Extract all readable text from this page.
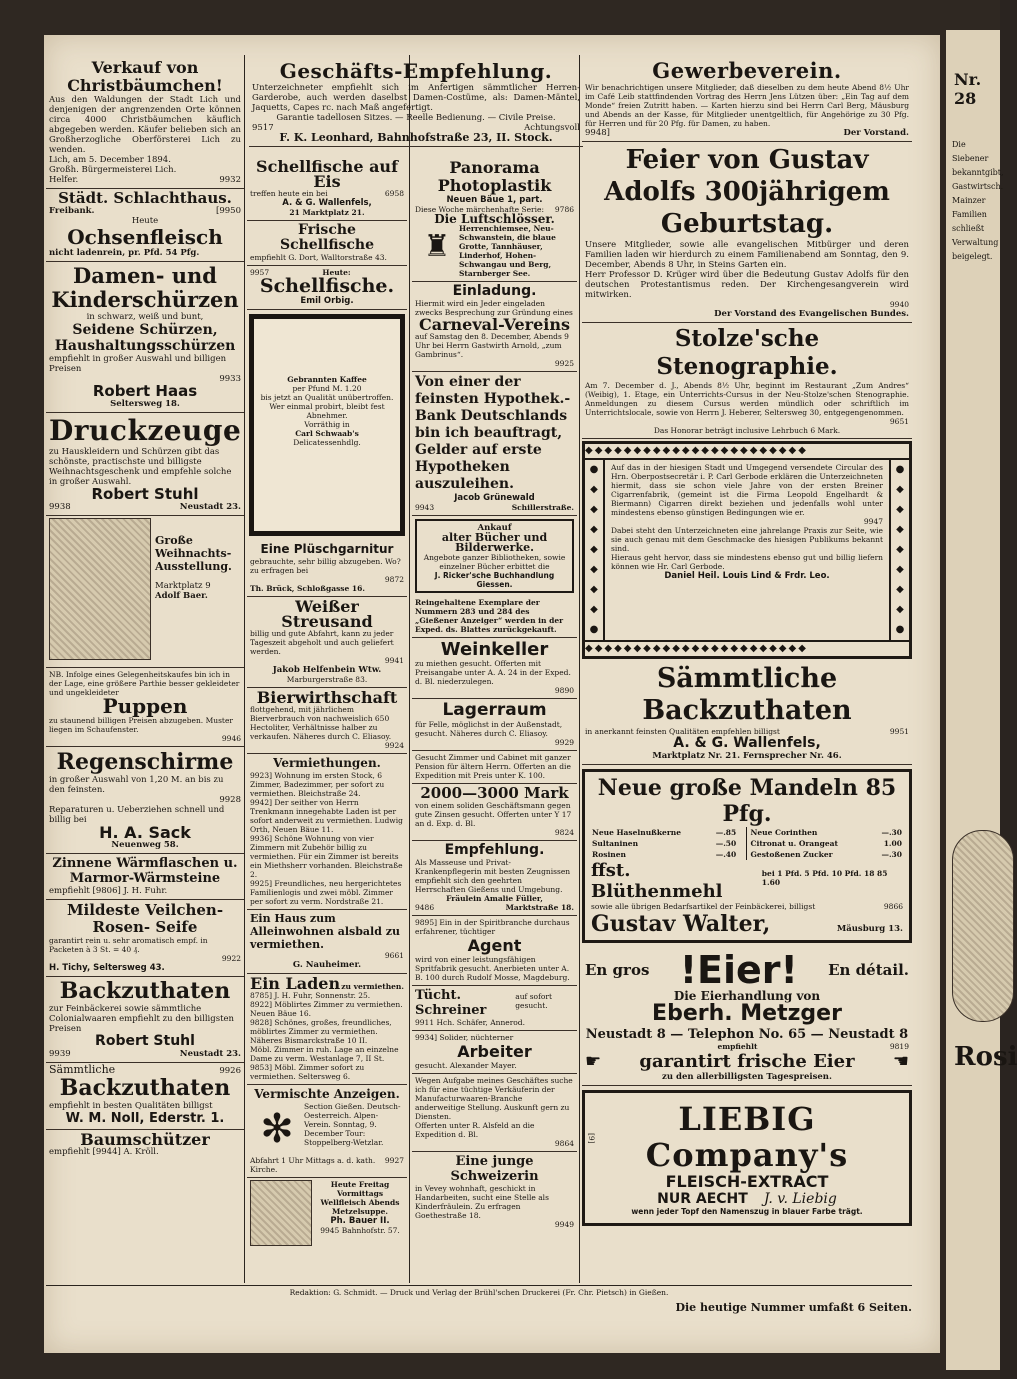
Verkauf von Christbäumchen!
Aus den Waldungen der Stadt Lich und denjenigen der angrenzenden Orte können circa 4000 Christbäumchen käuflich abgegeben werden. Käufer belieben sich an Großherzogliche Oberförsterei Lich zu wenden.
Lich, am 5. December 1894.
Großh. Bürgermeisterei Lich.
Helfer.	9932
Städt. Schlachthaus.
Freibank.	[9950
Heute
Ochsenfleisch
nicht ladenrein, pr. Pfd. 54 Pfg.
Damen- und Kinderschürzen
in schwarz, weiß und bunt,
Seidene Schürzen, Haushaltungsschürzen
empfiehlt in großer Auswahl und billigen Preisen
9933
Robert Haas
Seltersweg 18.
Druckzeuge
zu Hauskleidern und Schürzen gibt das schönste, practischste und billigste Weihnachtsgeschenk und empfehle solche in großer Auswahl.
Robert Stuhl
9938	Neustadt 23.
Große Weihnachts-Ausstellung.
Marktplatz 9
Adolf Baer.
NB. Infolge eines Gelegenheitskaufes bin ich in der Lage, eine größere Parthie besser gekleideter und ungekleideter
Puppen
zu staunend billigen Preisen abzugeben. Muster liegen im Schaufenster.
9946
Regenschirme
in großer Auswahl von 1,20 M. an bis zu den feinsten.
9928
Reparaturen u. Ueberziehen schnell und billig bei
H. A. Sack
Neuenweg 58.
Zinnene Wärmflaschen u. Marmor-Wärmsteine
empfiehlt [9806] J. H. Fuhr.
Mildeste Veilchen- Rosen- Seife
garantirt rein u. sehr aromatisch empf. in Packeten à 3 St. = 40 ₰.
9922
H. Tichy, Seltersweg 43.
Backzuthaten
zur Feinbäckerei sowie sämmtliche Colonialwaaren empfiehlt zu den billigsten Preisen
Robert Stuhl
9939	Neustadt 23.
Sämmtliche	9926
Backzuthaten
empfiehlt in besten Qualitäten billigst
W. M. Noll, Ederstr. 1.
Baumschützer
empfiehlt [9944] A. Kröll.
Geschäfts-Empfehlung.
Unterzeichneter empfiehlt sich im Anfertigen sämmtlicher Herren-Garderobe, auch werden daselbst Damen-Costüme, als: Damen-Mäntel, Jaquetts, Capes rc. nach Maß angefertigt.
Garantie tadellosen Sitzes. — Reelle Bedienung. — Civile Preise.
9517	Achtungsvoll
F. K. Leonhard, Bahnhofstraße 23, II. Stock.
Schellfische auf Eis
treffen heute ein bei	6958
A. & G. Wallenfels,
21 Marktplatz 21.
Frische Schellfische
empfiehlt G. Dort, Walltorstraße 43.
9957	Heute:
Schellfische.
Emil Orbig.
Gebrannten Kaffee
per Pfund M. 1.20
bis jetzt an Qualität unübertroffen. Wer einmal probirt, bleibt fest Abnehmer.
Vorräthig in
Carl Schwaab's
Delicatessenhdlg.
Eine Plüschgarnitur
gebrauchte, sehr billig abzugeben. Wo? zu erfragen bei
9872
Th. Brück, Schloßgasse 16.
Weißer Streusand
billig und gute Abfahrt, kann zu jeder Tageszeit abgeholt und auch geliefert werden.
9941
Jakob Helfenbein Wtw.
Marburgerstraße 83.
Bierwirthschaft
flottgehend, mit jährlichem Bierverbrauch von nachweislich 650 Hectoliter, Verhältnisse halber zu verkaufen. Näheres durch C. Eliasoy.
9924
Vermiethungen.
9923] Wohnung im ersten Stock, 6 Zimmer, Badezimmer, per sofort zu vermiethen. Bleichstraße 24.
9942] Der seither von Herrn Trenkmann innegehabte Laden ist per sofort anderweit zu vermiethen. Ludwig Orth, Neuen Bäue 11.
9936] Schöne Wohnung von vier Zimmern mit Zubehör billig zu vermiethen. Für ein Zimmer ist bereits ein Miethsherr vorhanden. Bleichstraße 2.
9925] Freundliches, neu hergerichtetes Familienlogis und zwei möbl. Zimmer per sofort zu verm. Nordstraße 21.
Ein Haus zum Alleinwohnen alsbald zu vermiethen.
9661
G. Nauheimer.
Ein Laden zu vermiethen.
8785] J. H. Fuhr, Sonnenstr. 25.
8922] Möblirtes Zimmer zu vermiethen. Neuen Bäue 16.
9828] Schönes, großes, freundliches, möblirtes Zimmer zu vermiethen. Näheres Bismarckstraße 10 II.
Möbl. Zimmer in ruh. Lage an einzelne Dame zu verm. Westanlage 7, II St.
9853] Möbl. Zimmer sofort zu vermiethen. Seltersweg 6.
Vermischte Anzeigen.
✻	Section Gießen. Deutsch-Oesterreich. Alpen-Verein. Sonntag, 9. December Tour: Stoppelberg-Wetzlar.
Abfahrt 1 Uhr Mittags a. d. kath. Kirche.
9927
Heute Freitag Vormittags Wellfleisch Abends Metzelsuppe.
Ph. Bauer II.
9945 Bahnhofstr. 57.
Panorama Photoplastik
Neuen Bäue 1, part.
Diese Woche märchenhafte Serie: 9786
Die Luftschlösser.
♜
Herrenchiemsee, Neu-Schwanstein, die blaue Grotte, Tannhäuser, Linderhof, Hohen-Schwangau und Berg, Starnberger See.
Einladung.
Hiermit wird ein Jeder eingeladen zwecks Besprechung zur Gründung eines
Carneval-Vereins
auf Samstag den 8. December, Abends 9 Uhr bei Herrn Gastwirth Arnold, „zum Gambrinus“.
9925
Von einer der feinsten Hypothek.-Bank Deutschlands bin ich beauftragt, Gelder auf erste Hypotheken auszuleihen.
Jacob Grünewald
9943	Schillerstraße.
Ankauf
alter Bücher und Bilderwerke.
Angebote ganzer Bibliotheken, sowie einzelner Bücher erbittet die
J. Ricker'sche Buchhandlung
Giessen.
Reingehaltene Exemplare der Nummern 283 und 284 des „Gießener Anzeiger“ werden in der Exped. ds. Blattes zurückgekauft.
Weinkeller
zu miethen gesucht. Offerten mit Preisangabe unter A. A. 24 in der Exped. d. Bl. niederzulegen.
9890
Lagerraum
für Felle, möglichst in der Außenstadt, gesucht. Näheres durch C. Eliasoy.
9929
Gesucht Zimmer und Cabinet mit ganzer Pension für ältern Herrn. Offerten an die Expedition mit Preis unter K. 100.
2000—3000 Mark
von einem soliden Geschäftsmann gegen gute Zinsen gesucht. Offerten unter Y 17 an d. Exp. d. Bl.
9824
Empfehlung.
Als Masseuse und Privat-Krankenpflegerin mit besten Zeugnissen empfiehlt sich den geehrten Herrschaften Gießens und Umgebung.
Fräulein Amalie Füller,
9486	Marktstraße 18.
9895] Ein in der Spiritbranche durchaus erfahrener, tüchtiger
Agent
wird von einer leistungsfähigen Spritfabrik gesucht. Anerbieten unter A. B. 100 durch Rudolf Mosse, Magdeburg.
Tücht. Schreiner
auf sofort gesucht.
9911 Hch. Schäfer, Annerod.
9934] Solider, nüchterner
Arbeiter
gesucht. Alexander Mayer.
Wegen Aufgabe meines Geschäftes suche ich für eine tüchtige Verkäuferin der Manufacturwaaren-Branche anderweitige Stellung. Auskunft gern zu Diensten.
Offerten unter R. Alsfeld an die Expedition d. Bl.
9864
Eine junge Schweizerin
in Vevey wohnhaft, geschickt in Handarbeiten, sucht eine Stelle als Kinderfräulein. Zu erfragen Goethestraße 18.
9949
Gewerbeverein.
Wir benachrichtigen unsere Mitglieder, daß dieselben zu dem heute Abend 8½ Uhr im Café Leib stattfindenden Vortrag des Herrn Jens Lützen über: „Ein Tag auf dem Monde“ freien Zutritt haben. — Karten hierzu sind bei Herrn Carl Berg, Mäusburg und Abends an der Kasse, für Mitglieder unentgeltlich, für Angehörige zu 30 Pfg. für Herren und für 20 Pfg. für Damen, zu haben.
9948]	Der Vorstand.
Feier von Gustav Adolfs 300jährigem Geburtstag.
Unsere Mitglieder, sowie alle evangelischen Mitbürger und deren Familien laden wir hierdurch zu einem Familienabend am Sonntag, den 9. December, Abends 8 Uhr, in Steins Garten ein.
Herr Professor D. Krüger wird über die Bedeutung Gustav Adolfs für den deutschen Protestantismus reden. Der Kirchengesangverein wird mitwirken.
9940
Der Vorstand des Evangelischen Bundes.
Stolze'sche Stenographie.
Am 7. December d. J., Abends 8½ Uhr, beginnt im Restaurant „Zum Andres“ (Weibig), 1. Etage, ein Unterrichts-Cursus in der Neu-Stolze'schen Stenographie. Anmeldungen zu diesem Cursus werden mündlich oder schriftlich im Unterrichtslocale, sowie von Herrn J. Heberer, Seltersweg 30, entgegengenommen.
9651
Das Honorar beträgt inclusive Lehrbuch 6 Mark.
◆◆◆◆◆◆◆◆◆◆◆◆◆◆◆◆◆◆◆◆◆◆◆
●
◆
◆
◆
◆
◆
◆
◆
●
Auf das in der hiesigen Stadt und Umgegend versendete Circular des Hrn. Oberpostsecretär i. P. Carl Gerbode erklären die Unterzeichneten hiermit, dass sie schon viele Jahre von der ersten Breiner Cigarrenfabrik, (gemeint ist die Firma Leopold Engelhardt & Biermann) Cigarren direkt beziehen und jedenfalls wohl unter mindestens ebenso günstigen Bedingungen wie er.
9947
Dabei steht den Unterzeichneten eine jahrelange Praxis zur Seite, wie sie auch genau mit dem Geschmacke des hiesigen Publikums bekannt sind.
Hieraus geht hervor, dass sie mindestens ebenso gut und billig liefern können wie Hr. Carl Gerbode.
Daniel Heil. Louis Lind & Frdr. Leo.
●
◆
◆
◆
◆
◆
◆
◆
●
◆◆◆◆◆◆◆◆◆◆◆◆◆◆◆◆◆◆◆◆◆◆◆
Sämmtliche Backzuthaten
in anerkannt feinsten Qualitäten empfehlen billigst	9951
A. & G. Wallenfels,
Marktplatz Nr. 21. Fernsprecher Nr. 46.
Neue große Mandeln 85 Pfg.
Neue Haselnußkerne	—.85	Neue Corinthen	—.30
Sultaninen	—.50	Citronat u. Orangeat	1.00
Rosinen	—.40	Gestoßenen Zucker	—.30
ffst. Blüthenmehl
bei 1 Pfd. 5 Pfd. 10 Pfd. 18 85 1.60
sowie alle übrigen Bedarfsartikel der Feinbäckerei, billigst	9866
Gustav Walter,	Mäusburg 13.
En gros !Eier! En détail.
Die Eierhandlung von
Eberh. Metzger
Neustadt 8 — Telephon No. 65 — Neustadt 8
empfiehlt	9819
☛ garantirt frische Eier ☚
zu den allerbilligsten Tagespreisen.
[9​]
LIEBIG Company's
FLEISCH-EXTRACT
NUR AECHT J. v. Liebig
wenn jeder Topf den Namenszug in blauer Farbe trägt.
Redaktion: G. Schmidt. — Druck und Verlag der Brühl'schen Druckerei (Fr. Chr. Pietsch) in Gießen.
Die heutige Nummer umfaßt 6 Seiten.
Nr. 28
Die
Siebener
bekanntgibt,
Gastwirtsch.
Mainzer
Familien
schließt
Verwaltung
beigelegt.
Rosi
